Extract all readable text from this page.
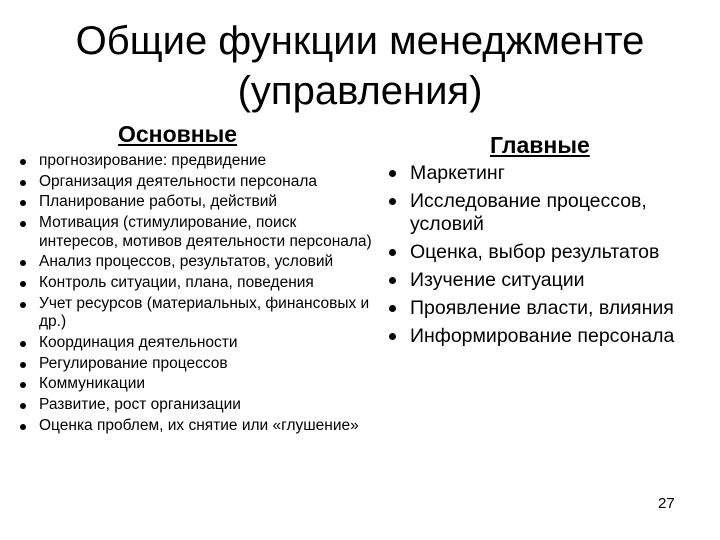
Общие функции менеджменте
(управления)
Основные	Главные
прогнозирование: предвидение
Организация деятельности персонала
Планирование работы, действий
Мотивация (стимулирование, поиск интересов, мотивов деятельности персонала)
Анализ процессов, результатов, условий
Контроль ситуации, плана, поведения
Учет ресурсов (материальных, финансовых и др.)
Координация деятельности
Регулирование процессов
Коммуникации
Развитие, рост организации
Оценка проблем, их снятие или «глушение»
Маркетинг
Исследование процессов, условий
Оценка, выбор результатов
Изучение ситуации
Проявление власти, влияния
Информирование персонала
27
